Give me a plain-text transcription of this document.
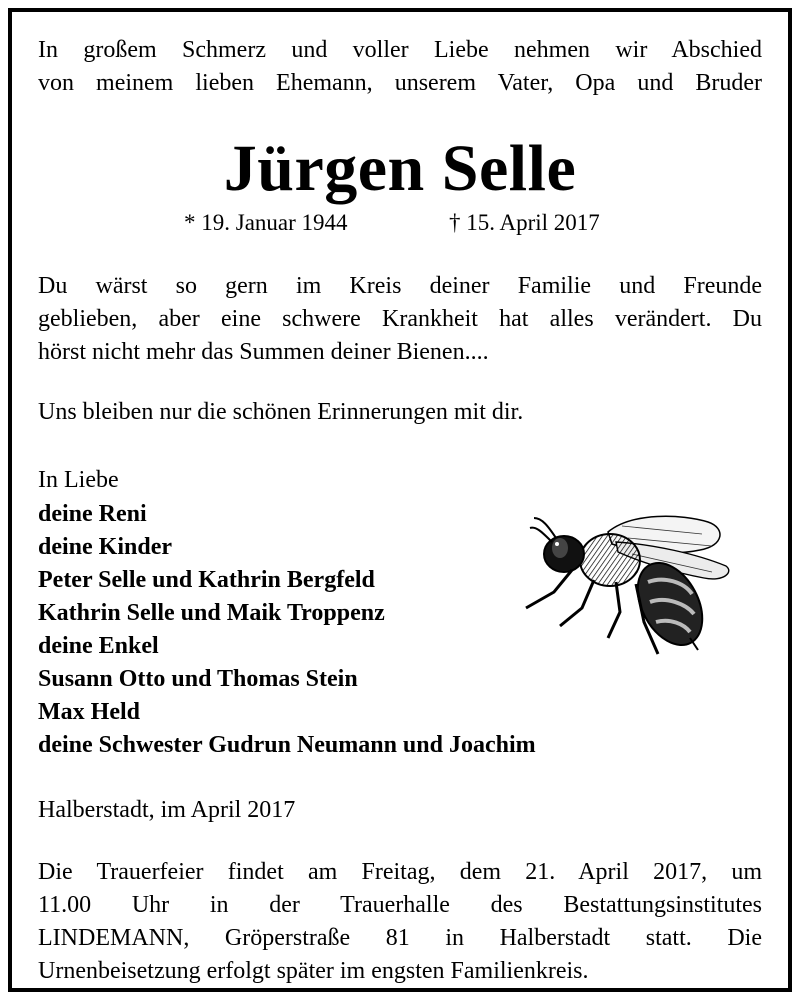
In großem Schmerz und voller Liebe nehmen wir Abschied
von meinem lieben Ehemann, unserem Vater, Opa und Bruder
Jürgen Selle
* 19. Januar 1944	† 15. April 2017
Du wärst so gern im Kreis deiner Familie und Freunde
geblieben, aber eine schwere Krankheit hat alles verändert. Du
hörst nicht mehr das Summen deiner Bienen....
Uns bleiben nur die schönen Erinnerungen mit dir.
In Liebe
deine Reni
deine Kinder
Peter Selle und Kathrin Bergfeld
Kathrin Selle und Maik Troppenz
deine Enkel
Susann Otto und Thomas Stein
Max Held
deine Schwester Gudrun Neumann und Joachim
Halberstadt, im April 2017
Die Trauerfeier findet am Freitag, dem 21. April 2017, um
11.00 Uhr in der Trauerhalle des Bestattungsinstitutes
LINDEMANN, Gröperstraße 81 in Halberstadt statt. Die
Urnenbeisetzung erfolgt später im engsten Familienkreis.
